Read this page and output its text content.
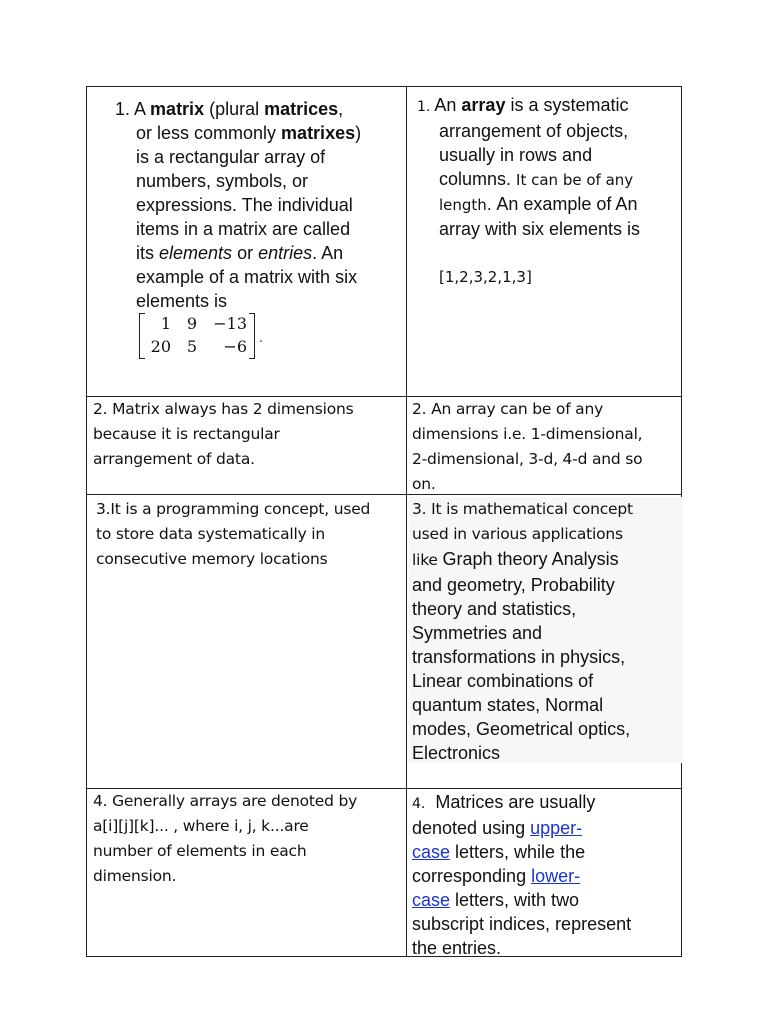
1. A matrix (plural matrices,
or less commonly matrixes)
is a rectangular array of
numbers, symbols, or
expressions. The individual
items in a matrix are called
its elements or entries. An
example of a matrix with six
elements is
1 9 −13
20 5 −6 .
1. An array is a systematic
arrangement of objects,
usually in rows and
columns. It can be of any
length. An example of An
array with six elements is
[1,2,3,2,1,3]
2. Matrix always has 2 dimensions
because it is rectangular
arrangement of data.
2. An array can be of any
dimensions i.e. 1-dimensional,
2-dimensional, 3-d, 4-d and so
on.
3.It is a programming concept, used
to store data systematically in
consecutive memory locations
3. It is mathematical concept
used in various applications
like Graph theory Analysis
and geometry, Probability
theory and statistics,
Symmetries and
transformations in physics,
Linear combinations of
quantum states, Normal
modes, Geometrical optics,
Electronics
4. Generally arrays are denoted by
a[i][j][k]... , where i, j, k...are
number of elements in each
dimension.
4.  Matrices are usually
denoted using upper-
case letters, while the
corresponding lower-
case letters, with two
subscript indices, represent
the entries.
